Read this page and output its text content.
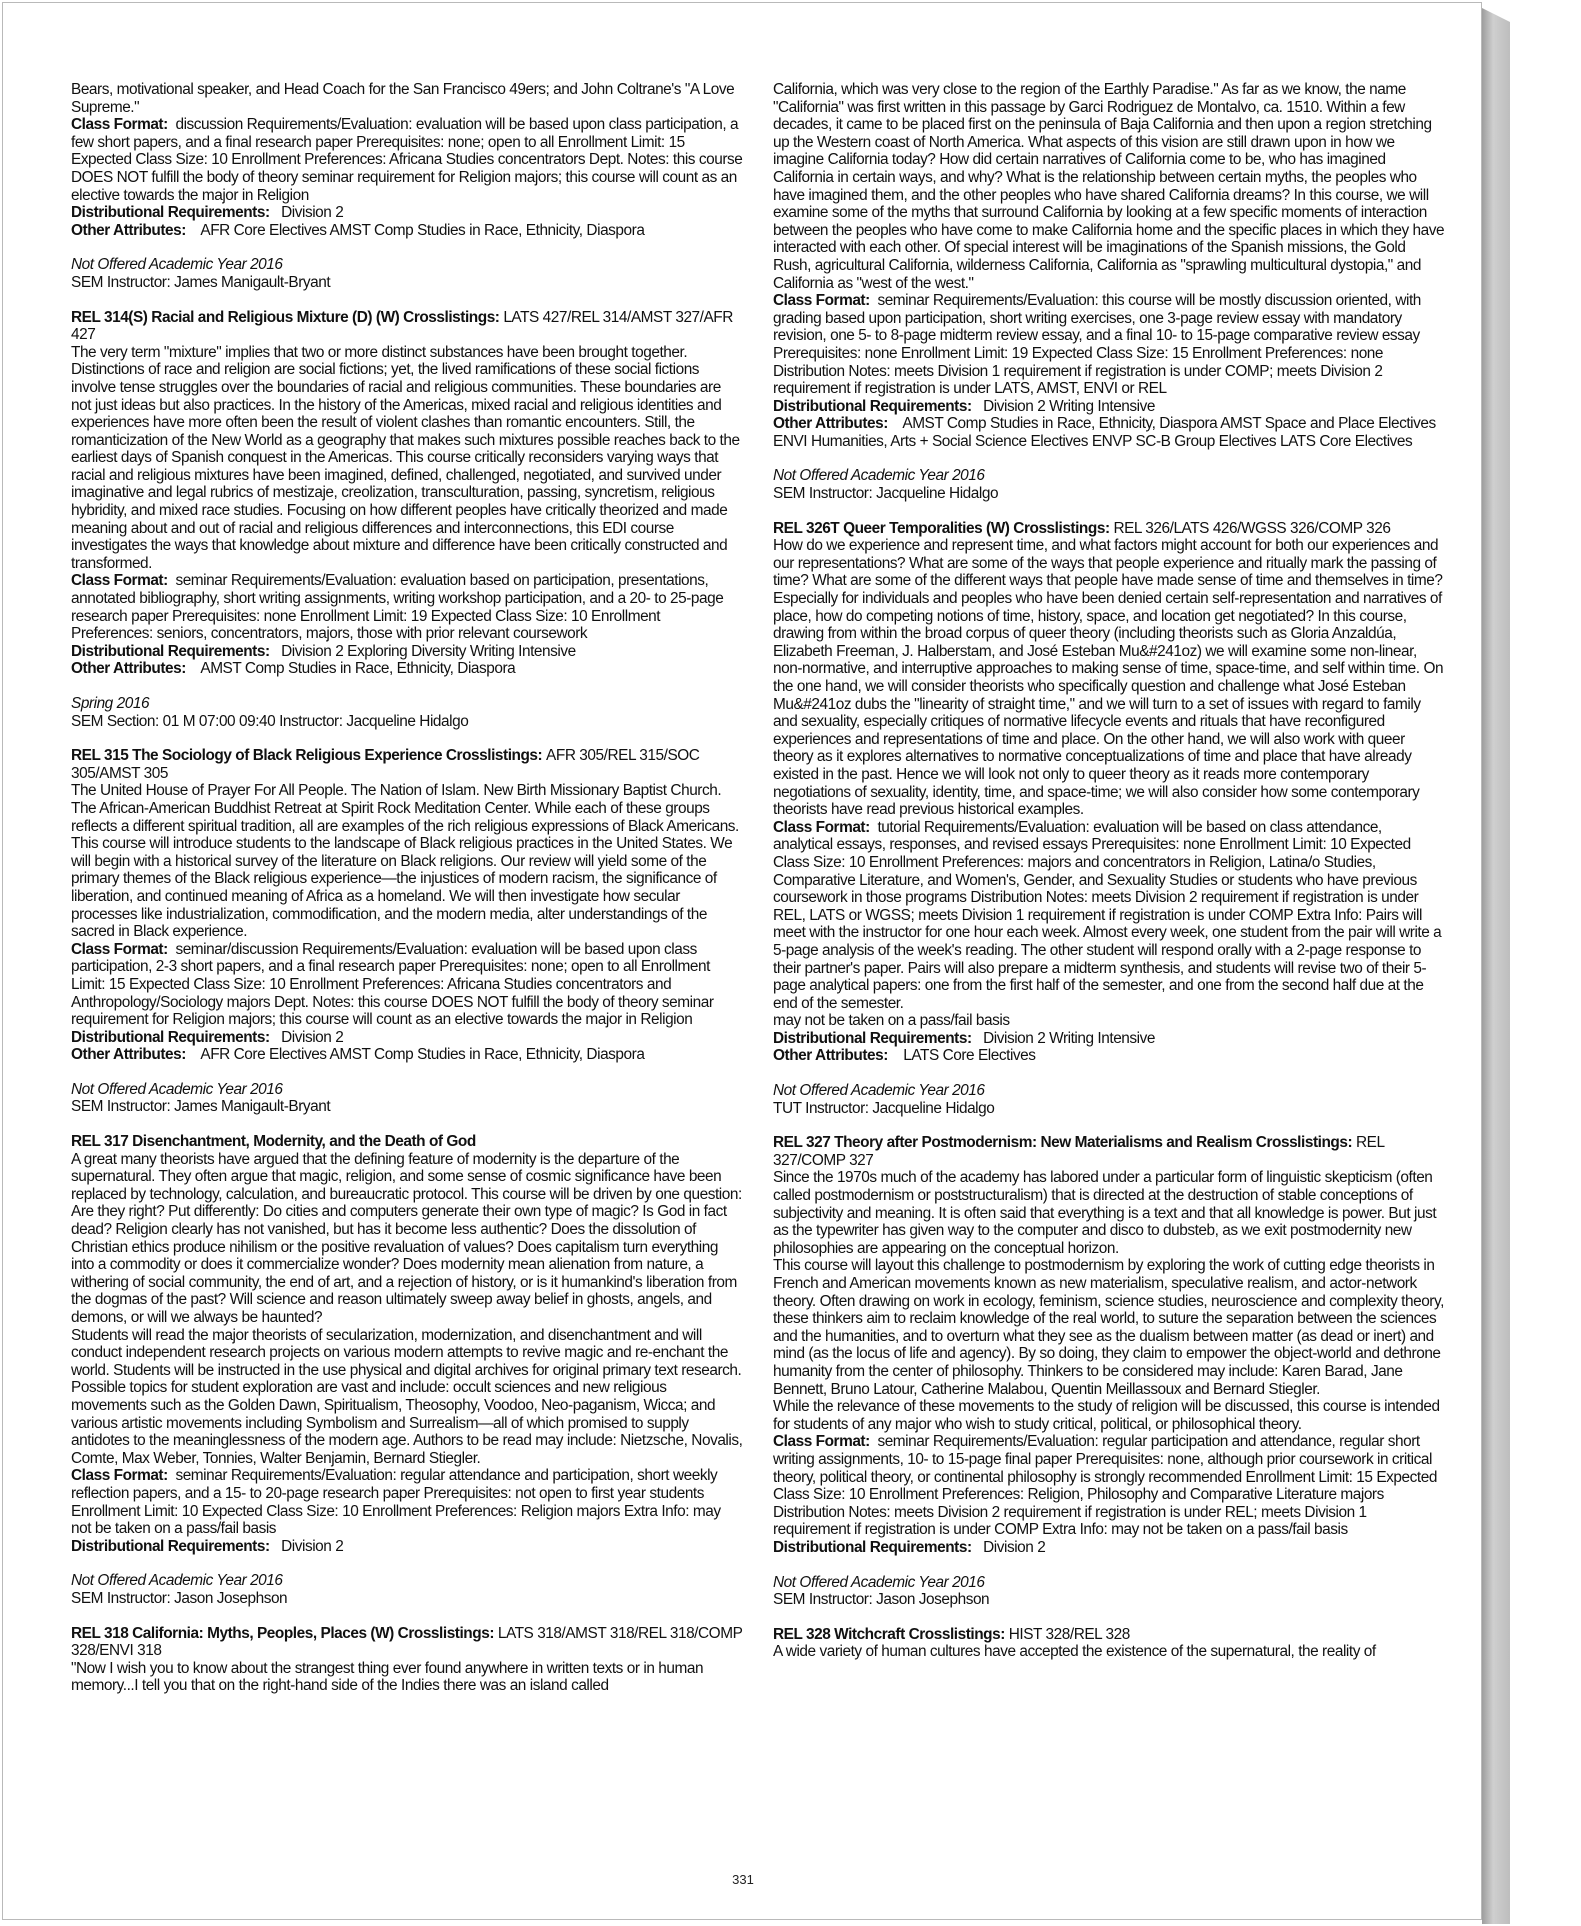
Bears, motivational speaker, and Head Coach for the San Francisco 49ers; and John Coltrane's "A Love Supreme."

Class Format: discussion Requirements/Evaluation: evaluation will be based upon class participation, a few short papers, and a final research paper Prerequisites: none; open to all Enrollment Limit: 15 Expected Class Size: 10 Enrollment Preferences: Africana Studies concentrators Dept. Notes: this course DOES NOT fulfill the body of theory seminar requirement for Religion majors; this course will count as an elective towards the major in Religion

Distributional Requirements: Division 2

Other Attributes: AFR Core Electives AMST Comp Studies in Race, Ethnicity, Diaspora

Not Offered Academic Year 2016

SEM Instructor: James Manigault-Bryant

REL 314(S) Racial and Religious Mixture (D) (W) Crosslistings: LATS 427/REL 314/AMST 327/AFR 427

The very term "mixture" implies that two or more distinct substances have been brought together. Distinctions of race and religion are social fictions; yet, the lived ramifications of these social fictions involve tense struggles over the boundaries of racial and religious communities. These boundaries are not just ideas but also practices. In the history of the Americas, mixed racial and religious identities and experiences have more often been the result of violent clashes than romantic encounters. Still, the romanticization of the New World as a geography that makes such mixtures possible reaches back to the earliest days of Spanish conquest in the Americas. This course critically reconsiders varying ways that racial and religious mixtures have been imagined, defined, challenged, negotiated, and survived under imaginative and legal rubrics of mestizaje, creolization, transculturation, passing, syncretism, religious hybridity, and mixed race studies. Focusing on how different peoples have critically theorized and made meaning about and out of racial and religious differences and interconnections, this EDI course investigates the ways that knowledge about mixture and difference have been critically constructed and transformed.

Class Format: seminar Requirements/Evaluation: evaluation based on participation, presentations, annotated bibliography, short writing assignments, writing workshop participation, and a 20- to 25-page research paper Prerequisites: none Enrollment Limit: 19 Expected Class Size: 10 Enrollment Preferences: seniors, concentrators, majors, those with prior relevant coursework

Distributional Requirements: Division 2 Exploring Diversity Writing Intensive

Other Attributes: AMST Comp Studies in Race, Ethnicity, Diaspora

Spring 2016

SEM Section: 01 M 07:00 09:40 Instructor: Jacqueline Hidalgo

REL 315 The Sociology of Black Religious Experience Crosslistings: AFR 305/REL 315/SOC 305/AMST 305

The United House of Prayer For All People. The Nation of Islam. New Birth Missionary Baptist Church. The African-American Buddhist Retreat at Spirit Rock Meditation Center. While each of these groups reflects a different spiritual tradition, all are examples of the rich religious expressions of Black Americans. This course will introduce students to the landscape of Black religious practices in the United States. We will begin with a historical survey of the literature on Black religions. Our review will yield some of the primary themes of the Black religious experience—the injustices of modern racism, the significance of liberation, and continued meaning of Africa as a homeland. We will then investigate how secular processes like industrialization, commodification, and the modern media, alter understandings of the sacred in Black experience.

Class Format: seminar/discussion Requirements/Evaluation: evaluation will be based upon class participation, 2-3 short papers, and a final research paper Prerequisites: none; open to all Enrollment Limit: 15 Expected Class Size: 10 Enrollment Preferences: Africana Studies concentrators and Anthropology/Sociology majors Dept. Notes: this course DOES NOT fulfill the body of theory seminar requirement for Religion majors; this course will count as an elective towards the major in Religion

Distributional Requirements: Division 2

Other Attributes: AFR Core Electives AMST Comp Studies in Race, Ethnicity, Diaspora

Not Offered Academic Year 2016

SEM Instructor: James Manigault-Bryant

REL 317 Disenchantment, Modernity, and the Death of God

A great many theorists have argued that the defining feature of modernity is the departure of the supernatural. They often argue that magic, religion, and some sense of cosmic significance have been replaced by technology, calculation, and bureaucratic protocol. This course will be driven by one question: Are they right? Put differently: Do cities and computers generate their own type of magic? Is God in fact dead? Religion clearly has not vanished, but has it become less authentic? Does the dissolution of Christian ethics produce nihilism or the positive revaluation of values? Does capitalism turn everything into a commodity or does it commercialize wonder? Does modernity mean alienation from nature, a withering of social community, the end of art, and a rejection of history, or is it humankind's liberation from the dogmas of the past? Will science and reason ultimately sweep away belief in ghosts, angels, and demons, or will we always be haunted?

Students will read the major theorists of secularization, modernization, and disenchantment and will conduct independent research projects on various modern attempts to revive magic and re-enchant the world. Students will be instructed in the use physical and digital archives for original primary text research. Possible topics for student exploration are vast and include: occult sciences and new religious movements such as the Golden Dawn, Spiritualism, Theosophy, Voodoo, Neo-paganism, Wicca; and various artistic movements including Symbolism and Surrealism—all of which promised to supply antidotes to the meaninglessness of the modern age. Authors to be read may include: Nietzsche, Novalis, Comte, Max Weber, Tonnies, Walter Benjamin, Bernard Stiegler.

Class Format: seminar Requirements/Evaluation: regular attendance and participation, short weekly reflection papers, and a 15- to 20-page research paper Prerequisites: not open to first year students Enrollment Limit: 10 Expected Class Size: 10 Enrollment Preferences: Religion majors Extra Info: may not be taken on a pass/fail basis

Distributional Requirements: Division 2

Not Offered Academic Year 2016

SEM Instructor: Jason Josephson

REL 318 California: Myths, Peoples, Places (W) Crosslistings: LATS 318/AMST 318/REL 318/COMP 328/ENVI 318

"Now I wish you to know about the strangest thing ever found anywhere in written texts or in human memory...I tell you that on the right-hand side of the Indies there was an island called

California, which was very close to the region of the Earthly Paradise." As far as we know, the name "California" was first written in this passage by Garci Rodriguez de Montalvo, ca. 1510. Within a few decades, it came to be placed first on the peninsula of Baja California and then upon a region stretching up the Western coast of North America. What aspects of this vision are still drawn upon in how we imagine California today? How did certain narratives of California come to be, who has imagined California in certain ways, and why? What is the relationship between certain myths, the peoples who have imagined them, and the other peoples who have shared California dreams? In this course, we will examine some of the myths that surround California by looking at a few specific moments of interaction between the peoples who have come to make California home and the specific places in which they have interacted with each other. Of special interest will be imaginations of the Spanish missions, the Gold Rush, agricultural California, wilderness California, California as "sprawling multicultural dystopia," and California as "west of the west."

Class Format: seminar Requirements/Evaluation: this course will be mostly discussion oriented, with grading based upon participation, short writing exercises, one 3-page review essay with mandatory revision, one 5- to 8-page midterm review essay, and a final 10- to 15-page comparative review essay Prerequisites: none Enrollment Limit: 19 Expected Class Size: 15 Enrollment Preferences: none Distribution Notes: meets Division 1 requirement if registration is under COMP; meets Division 2 requirement if registration is under LATS, AMST, ENVI or REL

Distributional Requirements: Division 2 Writing Intensive

Other Attributes: AMST Comp Studies in Race, Ethnicity, Diaspora AMST Space and Place Electives ENVI Humanities, Arts + Social Science Electives ENVP SC-B Group Electives LATS Core Electives

Not Offered Academic Year 2016

SEM Instructor: Jacqueline Hidalgo

REL 326T Queer Temporalities (W) Crosslistings: REL 326/LATS 426/WGSS 326/COMP 326

How do we experience and represent time, and what factors might account for both our experiences and our representations? What are some of the ways that people experience and ritually mark the passing of time? What are some of the different ways that people have made sense of time and themselves in time? Especially for individuals and peoples who have been denied certain self-representation and narratives of place, how do competing notions of time, history, space, and location get negotiated? In this course, drawing from within the broad corpus of queer theory (including theorists such as Gloria Anzaldúa, Elizabeth Freeman, J. Halberstam, and José Esteban Mu&#241oz) we will examine some non-linear, non-normative, and interruptive approaches to making sense of time, space-time, and self within time. On the one hand, we will consider theorists who specifically question and challenge what José Esteban Mu&#241oz dubs the "linearity of straight time," and we will turn to a set of issues with regard to family and sexuality, especially critiques of normative lifecycle events and rituals that have reconfigured experiences and representations of time and place. On the other hand, we will also work with queer theory as it explores alternatives to normative conceptualizations of time and place that have already existed in the past. Hence we will look not only to queer theory as it reads more contemporary negotiations of sexuality, identity, time, and space-time; we will also consider how some contemporary theorists have read previous historical examples.

Class Format: tutorial Requirements/Evaluation: evaluation will be based on class attendance, analytical essays, responses, and revised essays Prerequisites: none Enrollment Limit: 10 Expected Class Size: 10 Enrollment Preferences: majors and concentrators in Religion, Latina/o Studies, Comparative Literature, and Women's, Gender, and Sexuality Studies or students who have previous coursework in those programs Distribution Notes: meets Division 2 requirement if registration is under REL, LATS or WGSS; meets Division 1 requirement if registration is under COMP Extra Info: Pairs will meet with the instructor for one hour each week. Almost every week, one student from the pair will write a 5-page analysis of the week's reading. The other student will respond orally with a 2-page response to their partner's paper. Pairs will also prepare a midterm synthesis, and students will revise two of their 5-page analytical papers: one from the first half of the semester, and one from the second half due at the end of the semester.

may not be taken on a pass/fail basis

Distributional Requirements: Division 2 Writing Intensive

Other Attributes: LATS Core Electives

Not Offered Academic Year 2016

TUT Instructor: Jacqueline Hidalgo

REL 327 Theory after Postmodernism: New Materialisms and Realism Crosslistings: REL 327/COMP 327

Since the 1970s much of the academy has labored under a particular form of linguistic skepticism (often called postmodernism or poststructuralism) that is directed at the destruction of stable conceptions of subjectivity and meaning. It is often said that everything is a text and that all knowledge is power. But just as the typewriter has given way to the computer and disco to dubsteb, as we exit postmodernity new philosophies are appearing on the conceptual horizon.

This course will layout this challenge to postmodernism by exploring the work of cutting edge theorists in French and American movements known as new materialism, speculative realism, and actor-network theory. Often drawing on work in ecology, feminism, science studies, neuroscience and complexity theory, these thinkers aim to reclaim knowledge of the real world, to suture the separation between the sciences and the humanities, and to overturn what they see as the dualism between matter (as dead or inert) and mind (as the locus of life and agency). By so doing, they claim to empower the object-world and dethrone humanity from the center of philosophy. Thinkers to be considered may include: Karen Barad, Jane Bennett, Bruno Latour, Catherine Malabou, Quentin Meillassoux and Bernard Stiegler.

While the relevance of these movements to the study of religion will be discussed, this course is intended for students of any major who wish to study critical, political, or philosophical theory.

Class Format: seminar Requirements/Evaluation: regular participation and attendance, regular short writing assignments, 10- to 15-page final paper Prerequisites: none, although prior coursework in critical theory, political theory, or continental philosophy is strongly recommended Enrollment Limit: 15 Expected Class Size: 10 Enrollment Preferences: Religion, Philosophy and Comparative Literature majors Distribution Notes: meets Division 2 requirement if registration is under REL; meets Division 1 requirement if registration is under COMP Extra Info: may not be taken on a pass/fail basis

Distributional Requirements: Division 2

Not Offered Academic Year 2016

SEM Instructor: Jason Josephson

REL 328 Witchcraft Crosslistings: HIST 328/REL 328

A wide variety of human cultures have accepted the existence of the supernatural, the reality of

331
